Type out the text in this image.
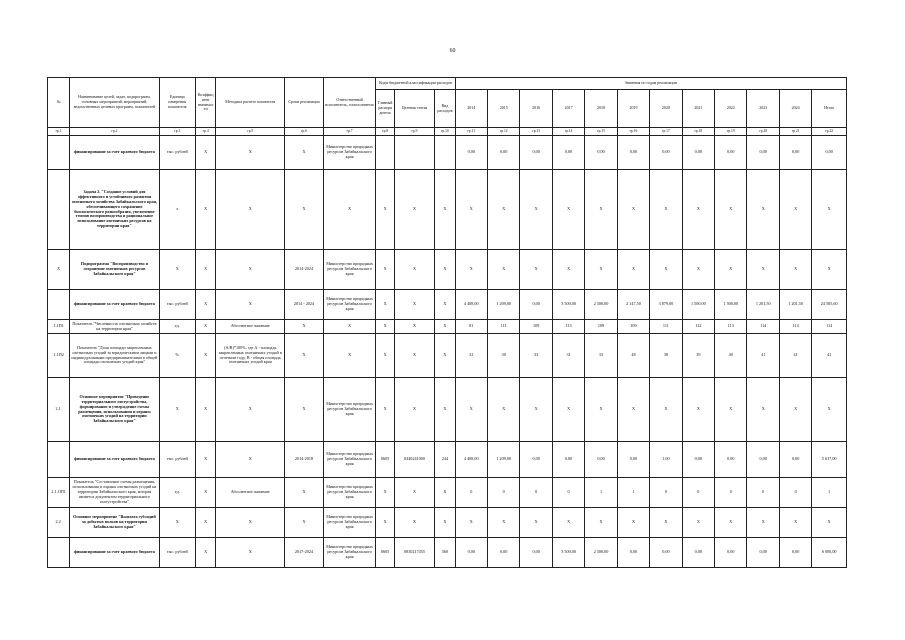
60
№	Наименование целей, задач, подпрограмм, основных мероприятий, мероприятий, ведомственных целевых программ, показателей	Единица измерения показателя	Коэффициент значимости	Методика расчета показателя	Сроки реализации	Ответственный исполнитель, соисполнитель	Коды бюджетной классификации расходов			Значения по годам реализации											
							Главный распорядитель	Целевая статья	Вид расходов	2014	2015	2016	2017	2018	2019	2020	2021	2022	2023	2024	Итого
гр.1	гр.2	гр.3	гр.4	гр.5	гр.6	гр.7	гр.8	гр.9	гр.10	гр.11	гр.12	гр.13	гр.14	гр.15	гр.16	гр.17	гр.18	гр.19	гр.20	гр.21	гр.22
	финансирование за счет краевого бюджета	тыс. рублей	Х	Х	Х	Министерство природных ресурсов Забайкальского края				0,00	0,00	0,00	0,00	0,00	0,00	0,00	0,00	0,00	0,00	0,00	0,00
	Задача 2. "Создание условий для эффективного и устойчивого развития охотничьего хозяйства Забайкальского края, обеспечивающего сохранение биологического разнообразия, увеличение темпов воспроизводства и рациональное использование охотничьих ресурсов на территории края"	х	Х	Х	Х	Х	Х	Х	Х	Х	Х	Х	Х	Х	Х	Х	Х	Х	Х	Х	Х
Х	Подпрограмма "Воспроизводство и сохранение охотничьих ресурсов Забайкальского края"	Х	Х	Х	2014-2024	Министерство природных ресурсов Забайкальского края	Х	Х	Х	Х	Х	Х	Х	Х	Х	Х	Х	Х	Х	Х	Х
	финансирование за счет краевого бюджета	тыс. рублей	Х	Х	2014 - 2024	Министерство природных ресурсов Забайкальского края	Х	Х	Х	4 408,00	1 209,00	0,00	3 500,00	2 500,00	2 147,50	3 879,00	1 500,00	1 500,00	1 201,50	1 201,50	24 585,60
1.1П1	Показатель "Численность охотничьих хозяйств на территории края"	ед.	Х	Абсолютное значение	Х	Х	Х	Х	Х	81	111	109	113	109	109	111	112	113	114	114	114
1.1П2	Показатель "Доля площади закрепленных охотничьих угодий за юридическими лицами и индивидуальными предпринимателями в общей площади охотничьих угодий края"	%	Х	(А/В)*100%, где А - площадь закрепленных охотничьих угодий в отчетном году, В - общая площадь охотничьих угодий края	Х	Х	Х	Х	Х	32	30	33	31	33	48	38	39	40	41	41	41
2.1.	Основное мероприятие "Проведение территориального охотустройства, формирование и утверждение схемы размещения, использования и охраны охотничьих угодий на территории Забайкальского края"	Х	Х	Х	Х	Министерство природных ресурсов Забайкальского края	Х	Х	Х	Х	Х	Х	Х	Х	Х	Х	Х	Х	Х	Х	Х
	финансирование за счет краевого бюджета	тыс. рублей	Х	Х	2014-2018	Министерство природных ресурсов Забайкальского края	0605	0440241000	244	4 408,00	1 209,00	0,00	0,00	0,00	0,00	1,00	0,00	0,00	0,00	0,00	5 617,00
2.1.ОП1	Показатель "Составление схемы размещения, использования и охраны охотничьих угодий на территории Забайкальского края, которая является документом территориального охотустройства"	ед.	Х	Абсолютное значение	Х	Министерство природных ресурсов Забайкальского края	Х	Х	Х	0	0	0	0	1	1	0	0	0	0	0	1
2.2.	Основное мероприятие "Выплата субсидий за добытых волков на территории Забайкальского края"	Х	Х	Х	Х	Министерство природных ресурсов Забайкальского края	Х	Х	Х	Х	Х	Х	Х	Х	Х	Х	Х	Х	Х	Х	Х
	финансирование за счет краевого бюджета	тыс. рублей	Х	Х	2017-2024	Министерство природных ресурсов Забайкальского края	0605	0830217455	360	0,00	0,00	0,00	3 500,00	2 500,00	0,00	0,00	0,00	0,00	0,00	0,00	6 000,00
